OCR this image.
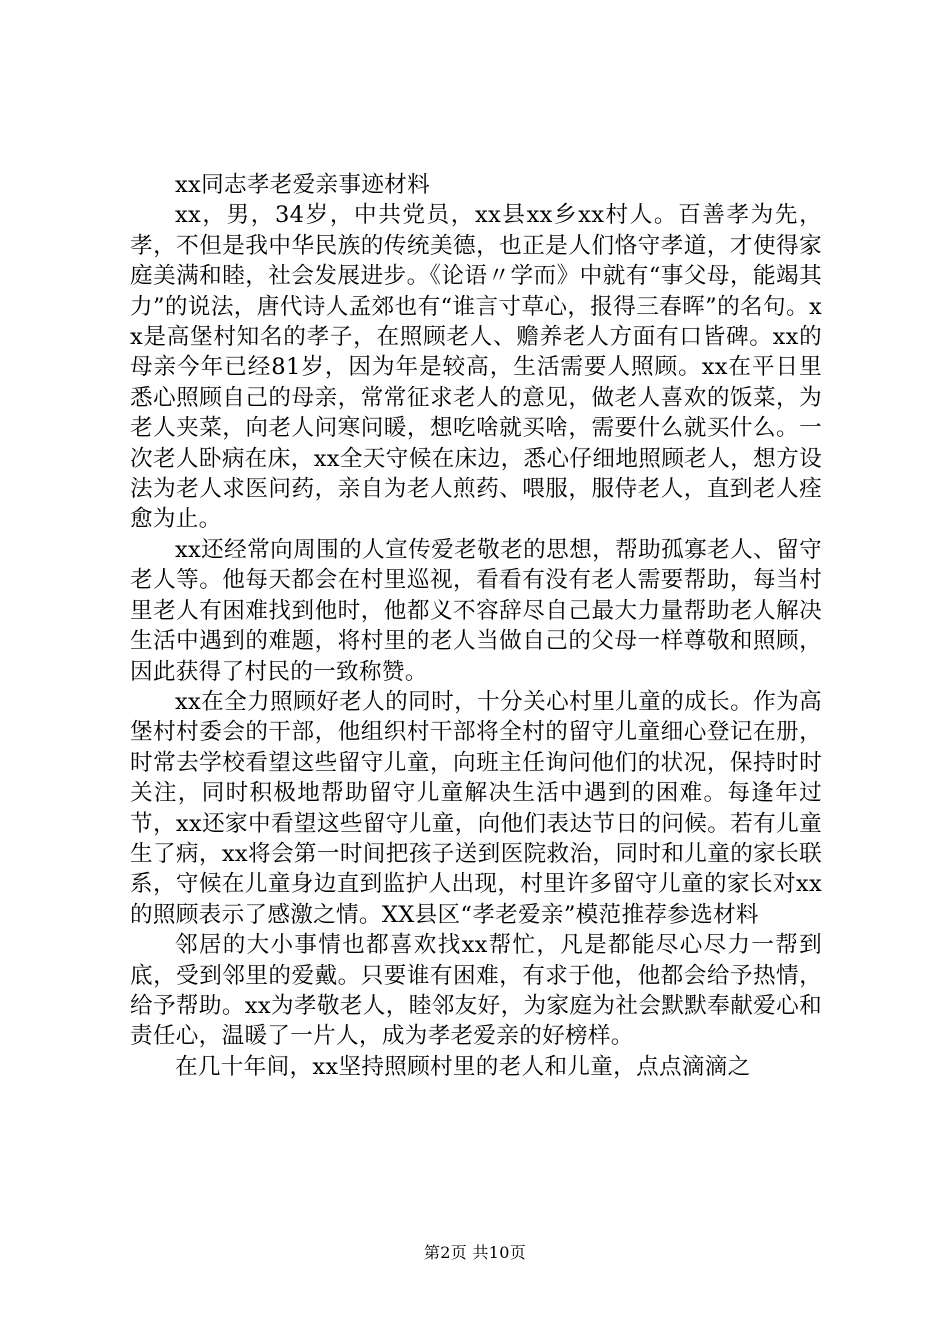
xx同志孝老爱亲事迹材料

xx，男，34岁，中共党员，xx县xx乡xx村人。百善孝为先，孝，不但是我中华民族的传统美德，也正是人们恪守孝道，才使得家庭美满和睦，社会发展进步。《论语〃学而》中就有“事父母，能竭其力”的说法，唐代诗人孟郊也有“谁言寸草心，报得三春晖”的名句。xx是高堡村知名的孝子，在照顾老人、赡养老人方面有口皆碑。xx的母亲今年已经81岁，因为年是较高，生活需要人照顾。xx在平日里悉心照顾自己的母亲，常常征求老人的意见，做老人喜欢的饭菜，为老人夹菜，向老人问寒问暖，想吃啥就买啥，需要什么就买什么。一次老人卧病在床，xx全天守候在床边，悉心仔细地照顾老人，想方设法为老人求医问药，亲自为老人煎药、喂服，服侍老人，直到老人痊愈为止。

xx还经常向周围的人宣传爱老敬老的思想，帮助孤寡老人、留守老人等。他每天都会在村里巡视，看看有没有老人需要帮助，每当村里老人有困难找到他时，他都义不容辞尽自己最大力量帮助老人解决生活中遇到的难题，将村里的老人当做自己的父母一样尊敬和照顾，因此获得了村民的一致称赞。

xx在全力照顾好老人的同时，十分关心村里儿童的成长。作为高堡村村委会的干部，他组织村干部将全村的留守儿童细心登记在册，时常去学校看望这些留守儿童，向班主任询问他们的状况，保持时时关注，同时积极地帮助留守儿童解决生活中遇到的困难。每逢年过节，xx还家中看望这些留守儿童，向他们表达节日的问候。若有儿童生了病，xx将会第一时间把孩子送到医院救治，同时和儿童的家长联系，守候在儿童身边直到监护人出现，村里许多留守儿童的家长对xx的照顾表示了感激之情。XX县区“孝老爱亲”模范推荐参选材料

邻居的大小事情也都喜欢找xx帮忙，凡是都能尽心尽力一帮到底，受到邻里的爱戴。只要谁有困难，有求于他，他都会给予热情，给予帮助。xx为孝敬老人，睦邻友好，为家庭为社会默默奉献爱心和责任心，温暖了一片人，成为孝老爱亲的好榜样。

在几十年间，xx坚持照顾村里的老人和儿童，点点滴滴之

第2页 共10页
